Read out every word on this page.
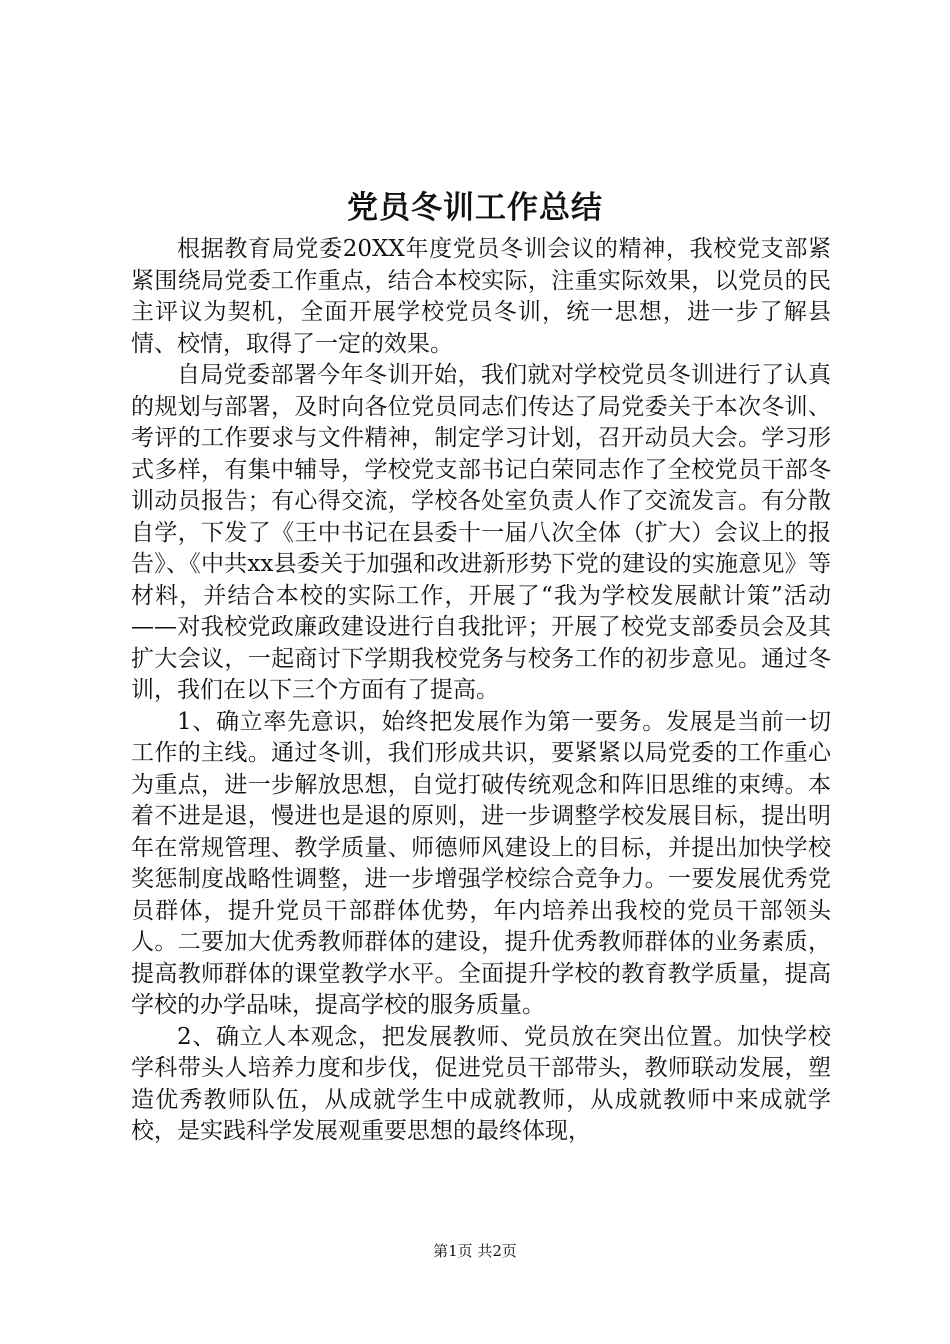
党员冬训工作总结

根据教育局党委20XX年度党员冬训会议的精神，我校党支部紧紧围绕局党委工作重点，结合本校实际，注重实际效果，以党员的民主评议为契机，全面开展学校党员冬训，统一思想，进一步了解县情、校情，取得了一定的效果。

自局党委部署今年冬训开始，我们就对学校党员冬训进行了认真的规划与部署，及时向各位党员同志们传达了局党委关于本次冬训、考评的工作要求与文件精神，制定学习计划，召开动员大会。学习形式多样，有集中辅导，学校党支部书记白荣同志作了全校党员干部冬训动员报告；有心得交流，学校各处室负责人作了交流发言。有分散自学，下发了《王中书记在县委十一届八次全体（扩大）会议上的报告》、《中共xx县委关于加强和改进新形势下党的建设的实施意见》等材料，并结合本校的实际工作，开展了“我为学校发展献计策”活动——对我校党政廉政建设进行自我批评；开展了校党支部委员会及其扩大会议，一起商讨下学期我校党务与校务工作的初步意见。通过冬训，我们在以下三个方面有了提高。

1、确立率先意识，始终把发展作为第一要务。发展是当前一切工作的主线。通过冬训，我们形成共识，要紧紧以局党委的工作重心为重点，进一步解放思想，自觉打破传统观念和阵旧思维的束缚。本着不进是退，慢进也是退的原则，进一步调整学校发展目标，提出明年在常规管理、教学质量、师德师风建设上的目标，并提出加快学校奖惩制度战略性调整，进一步增强学校综合竞争力。一要发展优秀党员群体，提升党员干部群体优势，年内培养出我校的党员干部领头人。二要加大优秀教师群体的建设，提升优秀教师群体的业务素质，提高教师群体的课堂教学水平。全面提升学校的教育教学质量，提高学校的办学品味，提高学校的服务质量。

2、确立人本观念，把发展教师、党员放在突出位置。加快学校学科带头人培养力度和步伐，促进党员干部带头，教师联动发展，塑造优秀教师队伍，从成就学生中成就教师，从成就教师中来成就学校，是实践科学发展观重要思想的最终体现，

第1页 共2页
